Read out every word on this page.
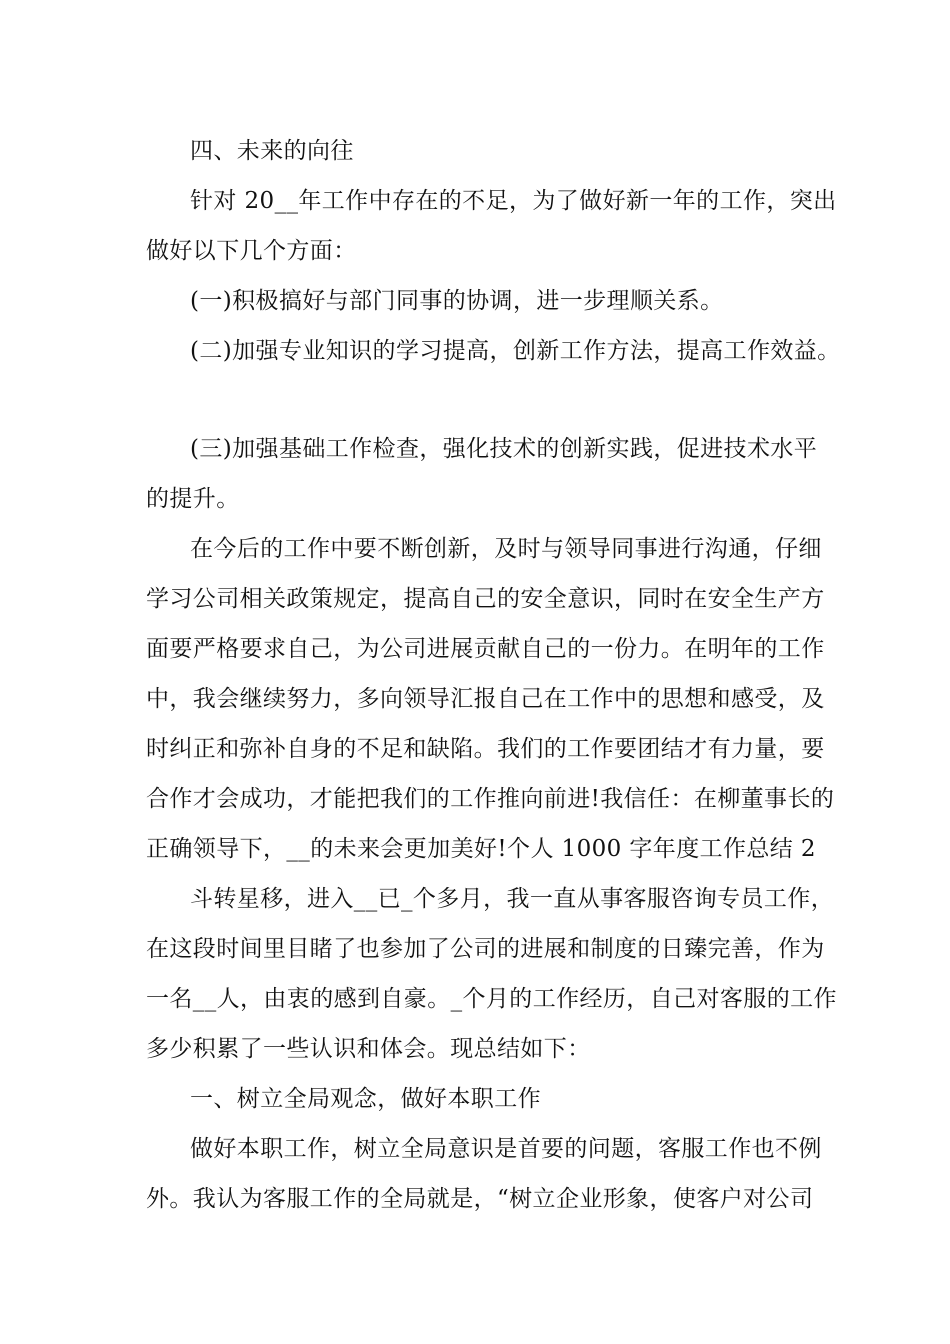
四、未来的向往
针对 20__年工作中存在的不足，为了做好新一年的工作，突出
做好以下几个方面：
(一)积极搞好与部门同事的协调，进一步理顺关系。
(二)加强专业知识的学习提高，创新工作方法，提高工作效益。
(三)加强基础工作检查，强化技术的创新实践，促进技术水平
的提升。
在今后的工作中要不断创新，及时与领导同事进行沟通，仔细
学习公司相关政策规定，提高自己的安全意识，同时在安全生产方
面要严格要求自己，为公司进展贡献自己的一份力。在明年的工作
中，我会继续努力，多向领导汇报自己在工作中的思想和感受，及
时纠正和弥补自身的不足和缺陷。我们的工作要团结才有力量，要
合作才会成功，才能把我们的工作推向前进!我信任：在柳董事长的
正确领导下，__的未来会更加美好!个人 1000 字年度工作总结 2
斗转星移，进入__已_个多月，我一直从事客服咨询专员工作，
在这段时间里目睹了也参加了公司的进展和制度的日臻完善，作为
一名__人，由衷的感到自豪。_个月的工作经历，自己对客服的工作
多少积累了一些认识和体会。现总结如下：
一、树立全局观念，做好本职工作
做好本职工作，树立全局意识是首要的问题，客服工作也不例
外。我认为客服工作的全局就是，“树立企业形象，使客户对公司
